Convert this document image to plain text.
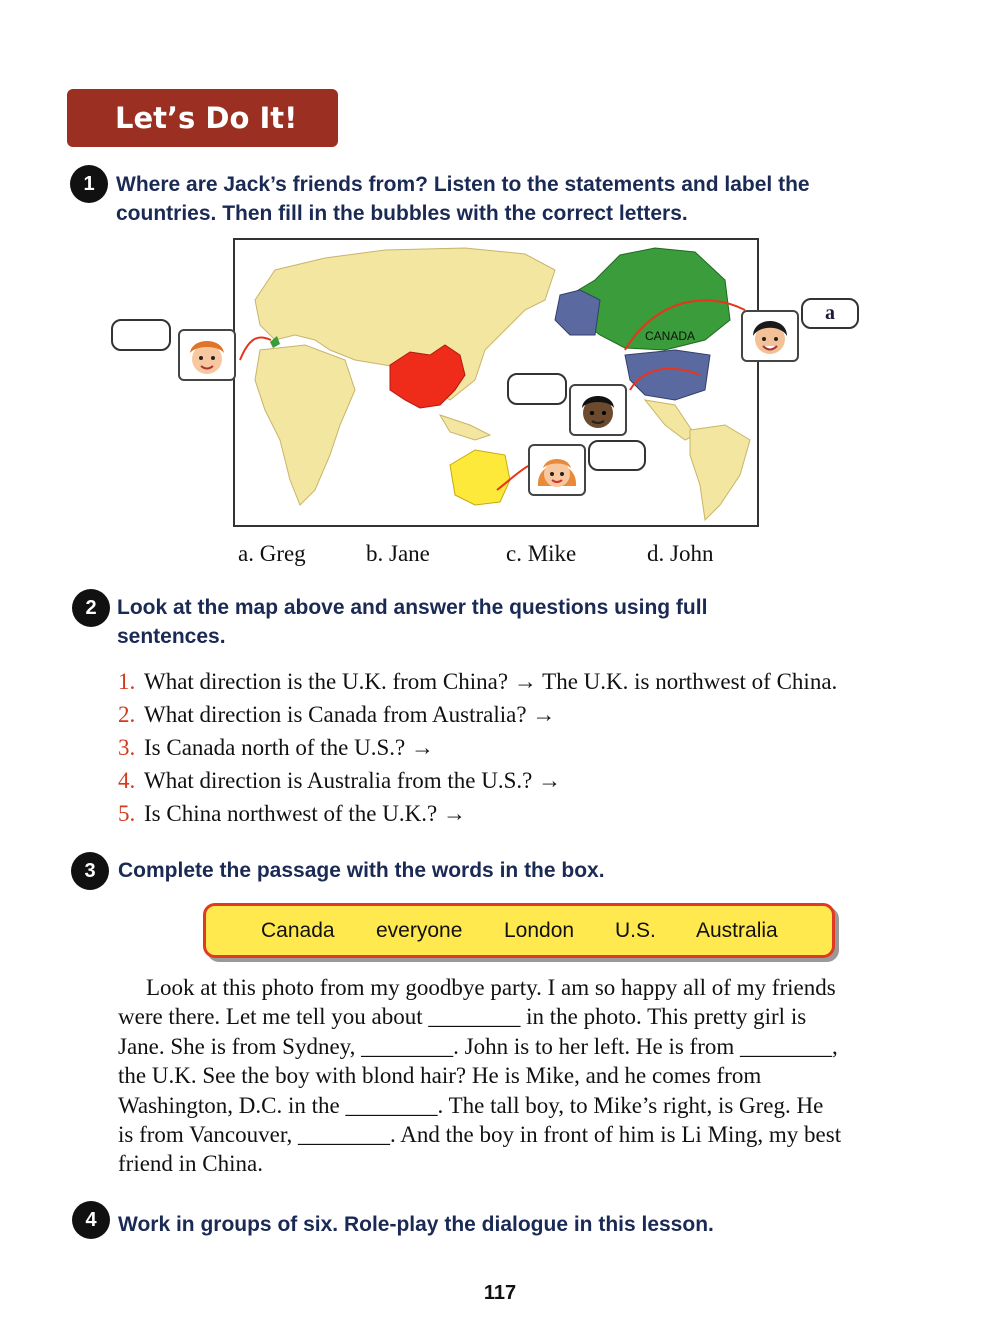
Let’s Do It!
1	Where are Jack’s friends from? Listen to the statements and label the
countries. Then fill in the bubbles with the correct letters.
CANADA
a
a. Greg	b. Jane	c. Mike	d. John
2 Look at the map above and answer the questions using full
sentences.
1. What direction is the U.K. from China? → The U.K. is northwest of China.
2. What direction is Canada from Australia? →
3. Is Canada north of the U.S.? →
4. What direction is Australia from the U.S.? →
5. Is China northwest of the U.K.? →
3	Complete the passage with the words in the box.
Canada everyone London U.S. Australia
Look at this photo from my goodbye party. I am so happy all of my friends
were there. Let me tell you about ________ in the photo. This pretty girl is
Jane. She is from Sydney, ________. John is to her left. He is from ________,
the U.K. See the boy with blond hair? He is Mike, and he comes from
Washington, D.C. in the ________. The tall boy, to Mike’s right, is Greg. He
is from Vancouver, ________. And the boy in front of him is Li Ming, my best
friend in China.
4	Work in groups of six. Role-play the dialogue in this lesson.
117
